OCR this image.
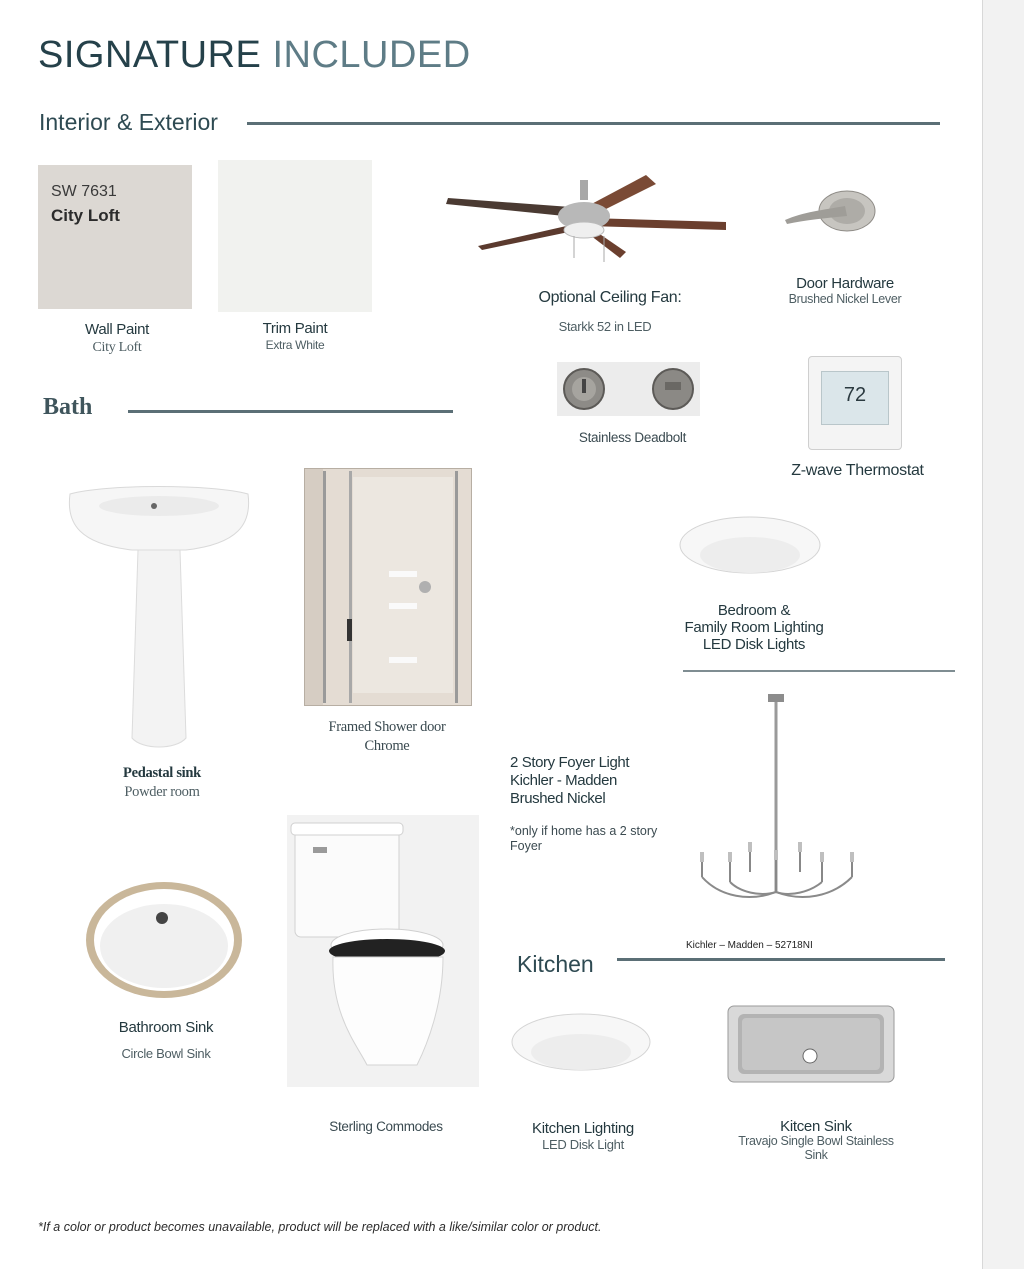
SIGNATURE INCLUDED
Interior & Exterior
SW 7631
City Loft
Wall Paint
City Loft
Trim Paint
Extra White
Optional Ceiling Fan:
Starkk 52 in LED
Door Hardware
Brushed Nickel Lever
Stainless Deadbolt
72
Z-wave Thermostat
Bath
Pedastal sink
Powder room
Framed Shower door
Chrome
Bedroom &
Family Room Lighting
LED Disk Lights
2 Story Foyer Light
Kichler - Madden
Brushed Nickel
*only if home has a 2 story
Foyer
Kichler – Madden – 52718NI
Bathroom Sink
Circle Bowl Sink
Sterling Commodes
Kitchen
Kitchen Lighting
LED Disk Light
Kitcen Sink
Travajo Single Bowl Stainless
Sink
*If a color or product becomes unavailable, product will be replaced with a like/similar color or product.
